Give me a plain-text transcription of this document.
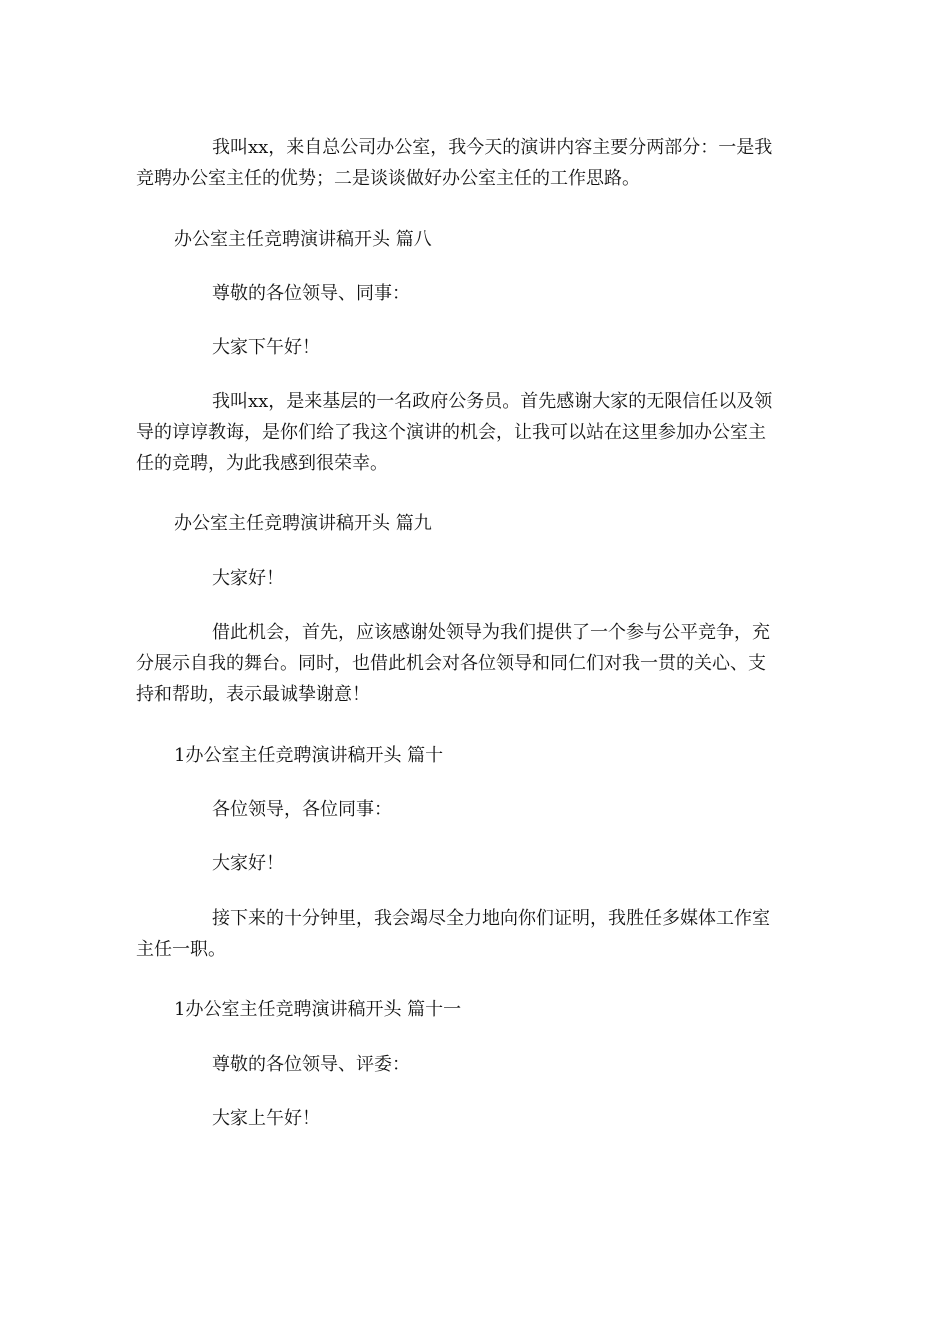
我叫xx，来自总公司办公室，我今天的演讲内容主要分两部分：一是我
竞聘办公室主任的优势；二是谈谈做好办公室主任的工作思路。

办公室主任竞聘演讲稿开头 篇八

尊敬的各位领导、同事：

大家下午好！

我叫xx，是来基层的一名政府公务员。首先感谢大家的无限信任以及领
导的谆谆教诲，是你们给了我这个演讲的机会，让我可以站在这里参加办公室主
任的竞聘，为此我感到很荣幸。

办公室主任竞聘演讲稿开头 篇九

大家好！

借此机会，首先，应该感谢处领导为我们提供了一个参与公平竞争，充
分展示自我的舞台。同时，也借此机会对各位领导和同仁们对我一贯的关心、支
持和帮助，表示最诚挚谢意！

1办公室主任竞聘演讲稿开头 篇十

各位领导，各位同事：

大家好！

接下来的十分钟里，我会竭尽全力地向你们证明，我胜任多媒体工作室
主任一职。

1办公室主任竞聘演讲稿开头 篇十一

尊敬的各位领导、评委：

大家上午好！
